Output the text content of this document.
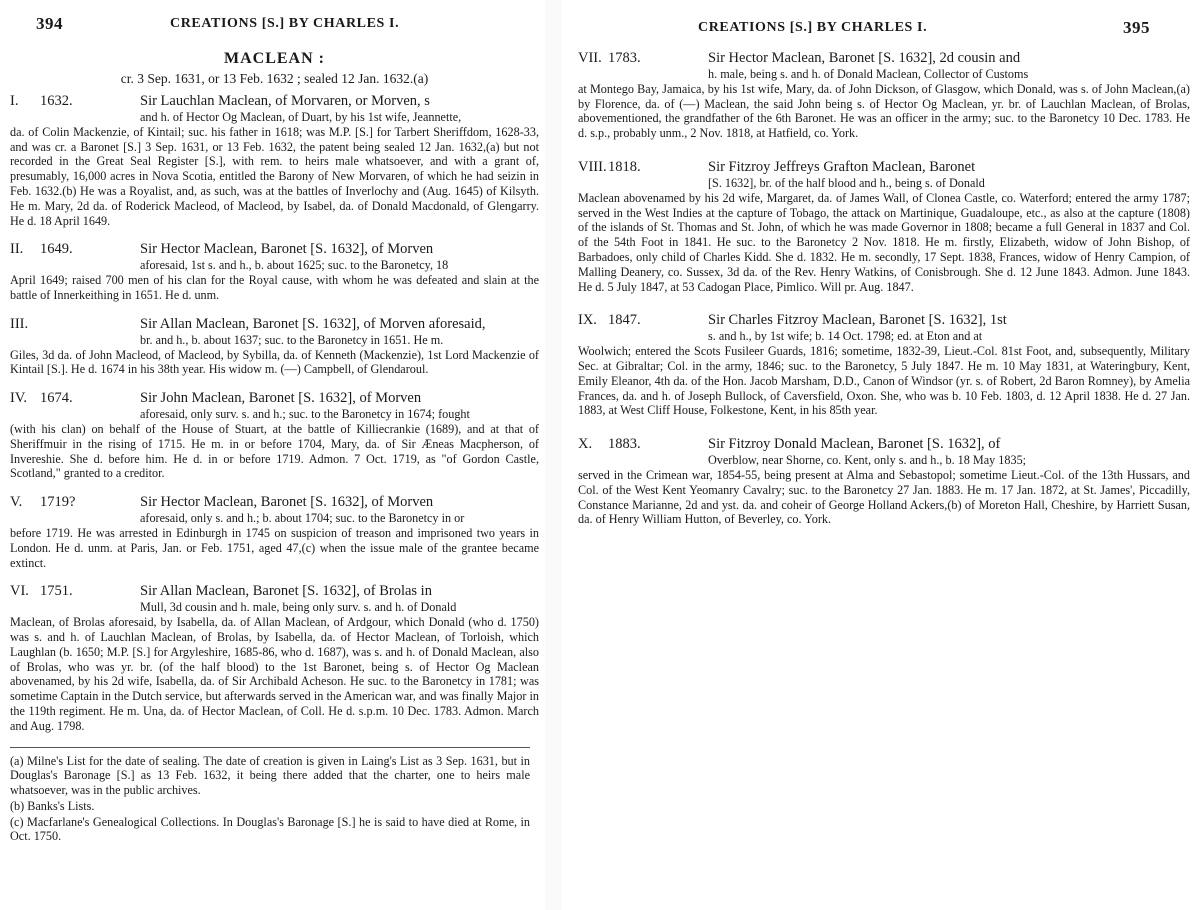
394	CREATIONS [S.] BY CHARLES I.
MACLEAN :
cr. 3 Sep. 1631, or 13 Feb. 1632 ; sealed 12 Jan. 1632.(a)
I.	1632.	Sir Lauchlan Maclean, of Morvaren, or Morven, s
and h. of Hector Og Maclean, of Duart, by his 1st wife, Jeannette,
da. of Colin Mackenzie, of Kintail; suc. his father in 1618; was M.P. [S.] for Tarbert Sheriffdom, 1628-33, and was cr. a Baronet [S.] 3 Sep. 1631, or 13 Feb. 1632, the patent being sealed 12 Jan. 1632,(a) but not recorded in the Great Seal Register [S.], with rem. to heirs male whatsoever, and with a grant of, presumably, 16,000 acres in Nova Scotia, entitled the Barony of New Morvaren, of which he had seizin in Feb. 1632.(b) He was a Royalist, and, as such, was at the battles of Inverlochy and (Aug. 1645) of Kilsyth. He m. Mary, 2d da. of Roderick Macleod, of Macleod, by Isabel, da. of Donald Macdonald, of Glengarry. He d. 18 April 1649.
II.	1649.	Sir Hector Maclean, Baronet [S. 1632], of Morven
aforesaid, 1st s. and h., b. about 1625; suc. to the Baronetcy, 18
April 1649; raised 700 men of his clan for the Royal cause, with whom he was defeated and slain at the battle of Innerkeithing in 1651. He d. unm.
III.	Sir Allan Maclean, Baronet [S. 1632], of Morven aforesaid,
br. and h., b. about 1637; suc. to the Baronetcy in 1651. He m.
Giles, 3d da. of John Macleod, of Macleod, by Sybilla, da. of Kenneth (Mackenzie), 1st Lord Mackenzie of Kintail [S.]. He d. 1674 in his 38th year. His widow m. (—) Campbell, of Glendaroul.
IV. 1674.	Sir John Maclean, Baronet [S. 1632], of Morven
aforesaid, only surv. s. and h.; suc. to the Baronetcy in 1674; fought
(with his clan) on behalf of the House of Stuart, at the battle of Killiecrankie (1689), and at that of Sheriffmuir in the rising of 1715. He m. in or before 1704, Mary, da. of Sir Æneas Macpherson, of Invereshie. She d. before him. He d. in or before 1719. Admon. 7 Oct. 1719, as "of Gordon Castle, Scotland," granted to a creditor.
V.	1719?	Sir Hector Maclean, Baronet [S. 1632], of Morven
aforesaid, only s. and h.; b. about 1704; suc. to the Baronetcy in or
before 1719. He was arrested in Edinburgh in 1745 on suspicion of treason and imprisoned two years in London. He d. unm. at Paris, Jan. or Feb. 1751, aged 47,(c) when the issue male of the grantee became extinct.
VI. 1751.	Sir Allan Maclean, Baronet [S. 1632], of Brolas in
Mull, 3d cousin and h. male, being only surv. s. and h. of Donald
Maclean, of Brolas aforesaid, by Isabella, da. of Allan Maclean, of Ardgour, which Donald (who d. 1750) was s. and h. of Lauchlan Maclean, of Brolas, by Isabella, da. of Hector Maclean, of Torloish, which Laughlan (b. 1650; M.P. [S.] for Argyleshire, 1685-86, who d. 1687), was s. and h. of Donald Maclean, also of Brolas, who was yr. br. (of the half blood) to the 1st Baronet, being s. of Hector Og Maclean abovenamed, by his 2d wife, Isabella, da. of Sir Archibald Acheson. He suc. to the Baronetcy in 1781; was sometime Captain in the Dutch service, but afterwards served in the American war, and was finally Major in the 119th regiment. He m. Una, da. of Hector Maclean, of Coll. He d. s.p.m. 10 Dec. 1783. Admon. March and Aug. 1798.

(a) Milne's List for the date of sealing. The date of creation is given in Laing's List as 3 Sep. 1631, but in Douglas's Baronage [S.] as 13 Feb. 1632, it being there added that the charter, one to heirs male whatsoever, was in the public archives.

(b) Banks's Lists.

(c) Macfarlane's Genealogical Collections. In Douglas's Baronage [S.] he is said to have died at Rome, in Oct. 1750.

CREATIONS [S.] BY CHARLES I.	395
VII. 1783.	Sir Hector Maclean, Baronet [S. 1632], 2d cousin and
h. male, being s. and h. of Donald Maclean, Collector of Customs
at Montego Bay, Jamaica, by his 1st wife, Mary, da. of John Dickson, of Glasgow, which Donald, was s. of John Maclean,(a) by Florence, da. of (—) Maclean, the said John being s. of Hector Og Maclean, yr. br. of Lauchlan Maclean, of Brolas, abovementioned, the grandfather of the 6th Baronet. He was an officer in the army; suc. to the Baronetcy 10 Dec. 1783. He d. s.p., probably unm., 2 Nov. 1818, at Hatfield, co. York.
VIII. 1818.	Sir Fitzroy Jeffreys Grafton Maclean, Baronet
[S. 1632], br. of the half blood and h., being s. of Donald
Maclean abovenamed by his 2d wife, Margaret, da. of James Wall, of Clonea Castle, co. Waterford; entered the army 1787; served in the West Indies at the capture of Tobago, the attack on Martinique, Guadaloupe, etc., as also at the capture (1808) of the islands of St. Thomas and St. John, of which he was made Governor in 1808; became a full General in 1837 and Col. of the 54th Foot in 1841. He suc. to the Baronetcy 2 Nov. 1818. He m. firstly, Elizabeth, widow of John Bishop, of Barbadoes, only child of Charles Kidd. She d. 1832. He m. secondly, 17 Sept. 1838, Frances, widow of Henry Campion, of Malling Deanery, co. Sussex, 3d da. of the Rev. Henry Watkins, of Conisbrough. She d. 12 June 1843. Admon. June 1843. He d. 5 July 1847, at 53 Cadogan Place, Pimlico. Will pr. Aug. 1847.
IX. 1847.	Sir Charles Fitzroy Maclean, Baronet [S. 1632], 1st
s. and h., by 1st wife; b. 14 Oct. 1798; ed. at Eton and at
Woolwich; entered the Scots Fusileer Guards, 1816; sometime, 1832-39, Lieut.-Col. 81st Foot, and, subsequently, Military Sec. at Gibraltar; Col. in the army, 1846; suc. to the Baronetcy, 5 July 1847. He m. 10 May 1831, at Wateringbury, Kent, Emily Eleanor, 4th da. of the Hon. Jacob Marsham, D.D., Canon of Windsor (yr. s. of Robert, 2d Baron Romney), by Amelia Frances, da. and h. of Joseph Bullock, of Caversfield, Oxon. She, who was b. 10 Feb. 1803, d. 12 April 1838. He d. 27 Jan. 1883, at West Cliff House, Folkestone, Kent, in his 85th year.
X.	1883.	Sir Fitzroy Donald Maclean, Baronet [S. 1632], of
Overblow, near Shorne, co. Kent, only s. and h., b. 18 May 1835;
served in the Crimean war, 1854-55, being present at Alma and Sebastopol; sometime Lieut.-Col. of the 13th Hussars, and Col. of the West Kent Yeomanry Cavalry; suc. to the Baronetcy 27 Jan. 1883. He m. 17 Jan. 1872, at St. James', Piccadilly, Constance Marianne, 2d and yst. da. and coheir of George Holland Ackers,(b) of Moreton Hall, Cheshire, by Harriett Susan, da. of Henry William Hutton, of Beverley, co. York.
